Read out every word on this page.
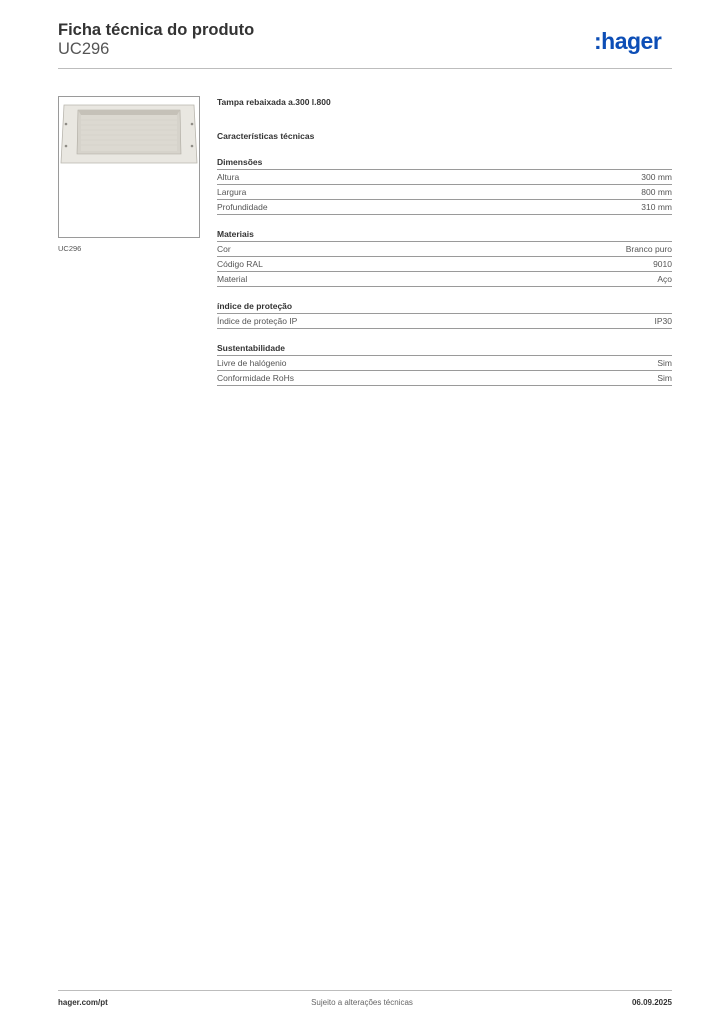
Ficha técnica do produto
UC296	:hager
UC296
Tampa rebaixada a.300 l.800
Características técnicas
Dimensões
Altura	300 mm
Largura	800 mm
Profundidade	310 mm
Materiais
Cor	Branco puro
Código RAL	9010
Material	Aço
índice de proteção
Índice de proteção IP	IP30
Sustentabilidade
Livre de halógenio	Sim
Conformidade RoHs	Sim
hager.com/pt	Sujeito a alterações técnicas	06.09.2025
